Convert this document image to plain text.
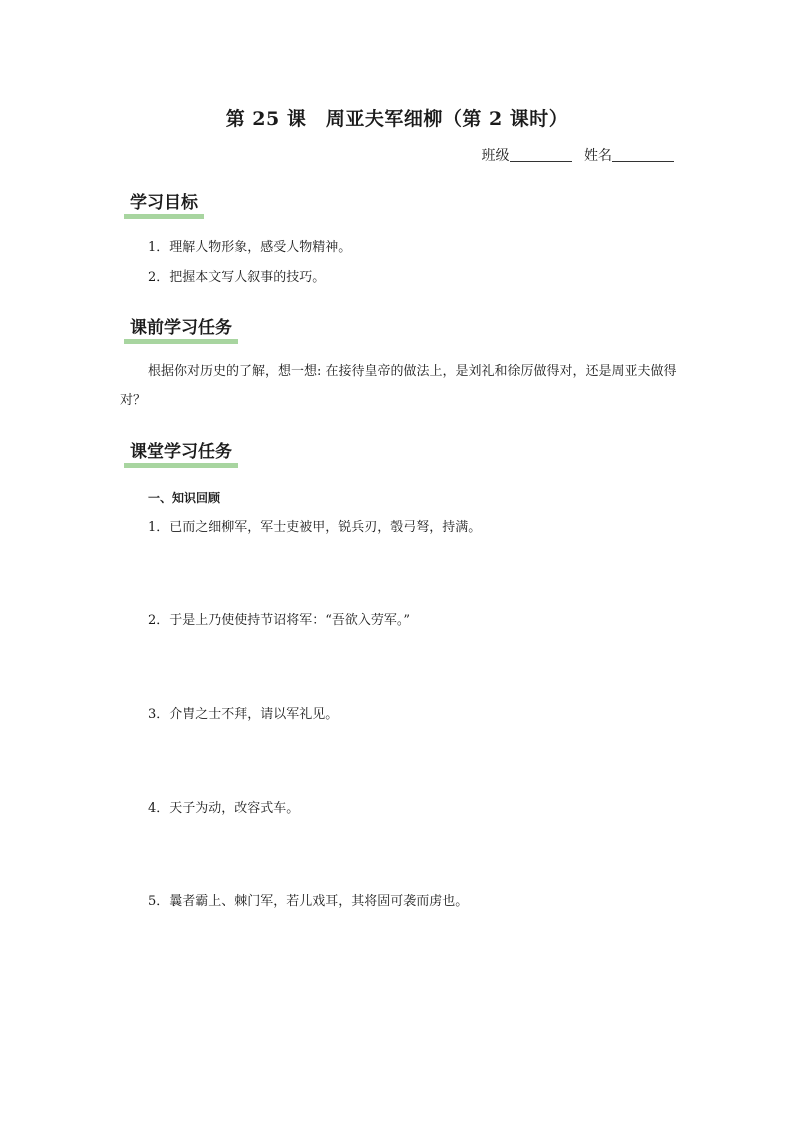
第 25 课　周亚夫军细柳（第 2 课时）
班级	姓名
学习目标
1．理解人物形象，感受人物精神。
2．把握本文写人叙事的技巧。
课前学习任务
根据你对历史的了解，想一想: 在接待皇帝的做法上，是刘礼和徐厉做得对，还是周亚夫做得对？
课堂学习任务
一、知识回顾
1．已而之细柳军，军士吏被甲，锐兵刃，彀弓弩，持满。
2．于是上乃使使持节诏将军：“吾欲入劳军。”
3．介胄之士不拜，请以军礼见。
4．天子为动，改容式车。
5．曩者霸上、棘门军，若儿戏耳，其将固可袭而虏也。
